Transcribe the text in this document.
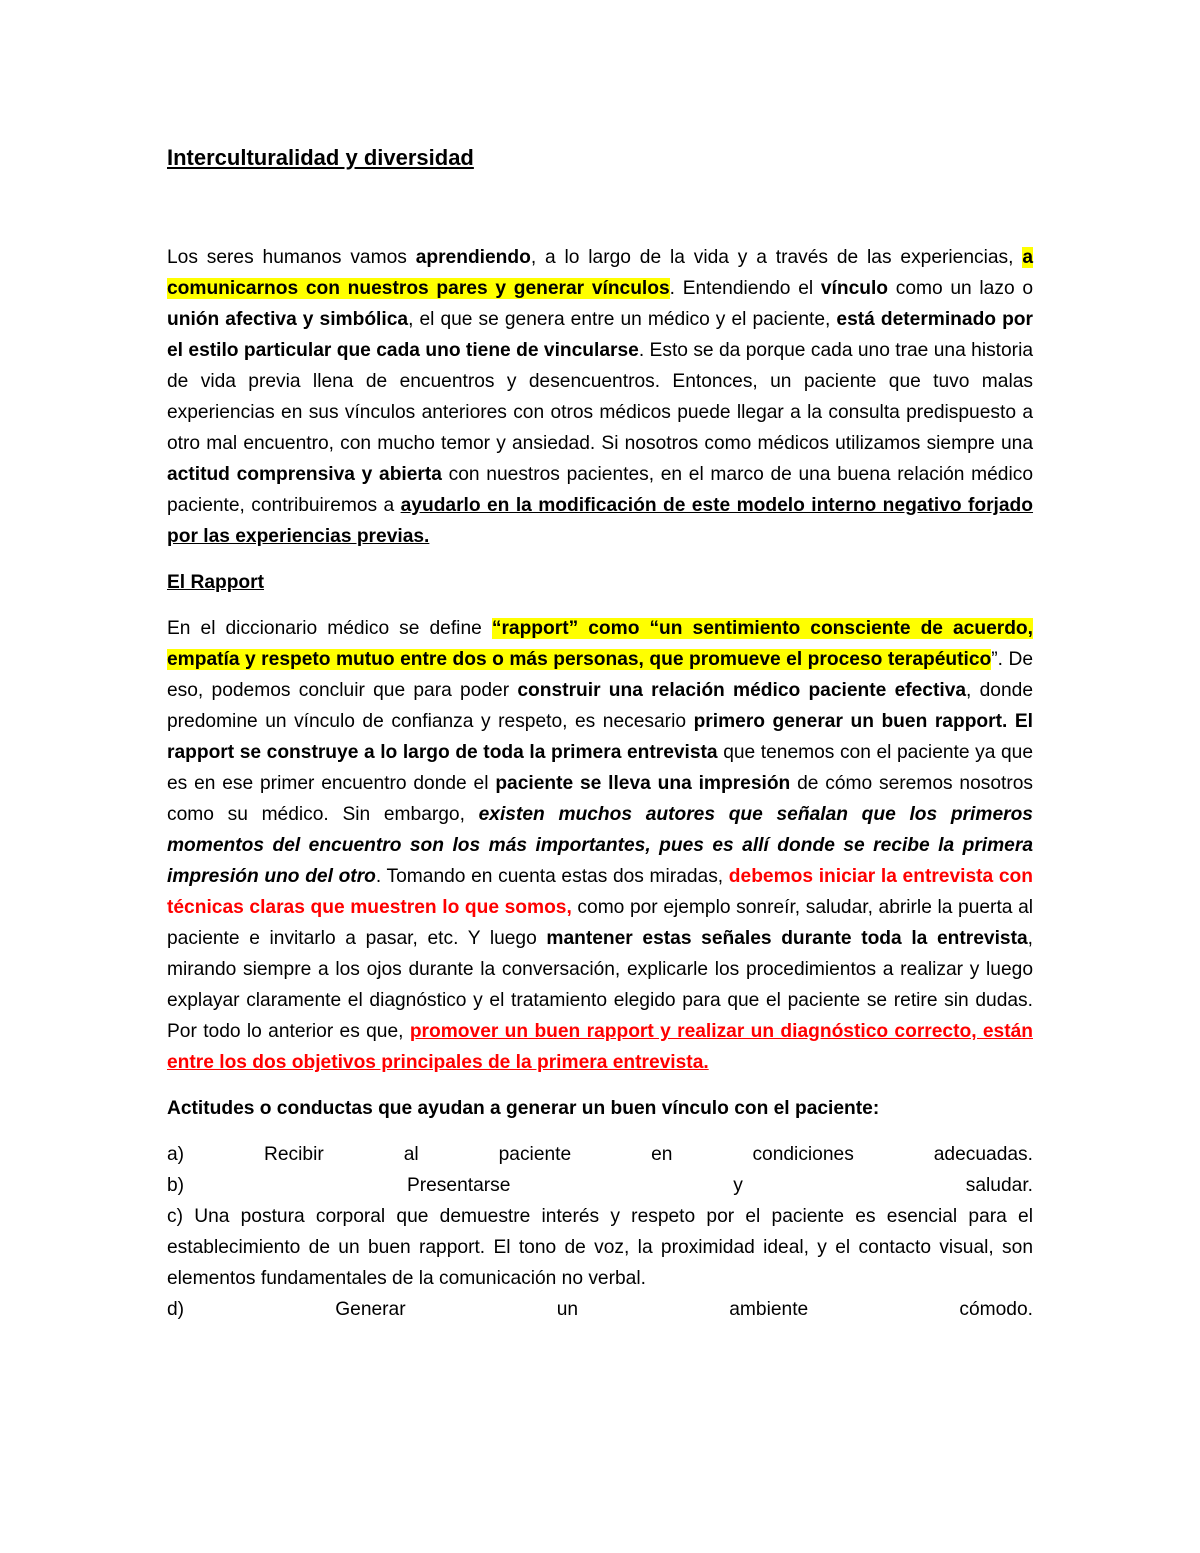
Interculturalidad y diversidad

Los seres humanos vamos aprendiendo, a lo largo de la vida y a través de las experiencias, a comunicarnos con nuestros pares y generar vínculos. Entendiendo el vínculo como un lazo o unión afectiva y simbólica, el que se genera entre un médico y el paciente, está determinado por el estilo particular que cada uno tiene de vincularse. Esto se da porque cada uno trae una historia de vida previa llena de encuentros y desencuentros. Entonces, un paciente que tuvo malas experiencias en sus vínculos anteriores con otros médicos puede llegar a la consulta predispuesto a otro mal encuentro, con mucho temor y ansiedad. Si nosotros como médicos utilizamos siempre una actitud comprensiva y abierta con nuestros pacientes, en el marco de una buena relación médico paciente, contribuiremos a ayudarlo en la modificación de este modelo interno negativo forjado por las experiencias previas.

El Rapport

En el diccionario médico se define “rapport” como “un sentimiento consciente de acuerdo, empatía y respeto mutuo entre dos o más personas, que promueve el proceso terapéutico”. De eso, podemos concluir que para poder construir una relación médico paciente efectiva, donde predomine un vínculo de confianza y respeto, es necesario primero generar un buen rapport. El rapport se construye a lo largo de toda la primera entrevista que tenemos con el paciente ya que es en ese primer encuentro donde el paciente se lleva una impresión de cómo seremos nosotros como su médico. Sin embargo, existen muchos autores que señalan que los primeros momentos del encuentro son los más importantes, pues es allí donde se recibe la primera impresión uno del otro. Tomando en cuenta estas dos miradas, debemos iniciar la entrevista con técnicas claras que muestren lo que somos, como por ejemplo sonreír, saludar, abrirle la puerta al paciente e invitarlo a pasar, etc. Y luego mantener estas señales durante toda la entrevista, mirando siempre a los ojos durante la conversación, explicarle los procedimientos a realizar y luego explayar claramente el diagnóstico y el tratamiento elegido para que el paciente se retire sin dudas. Por todo lo anterior es que, promover un buen rapport y realizar un diagnóstico correcto, están entre los dos objetivos principales de la primera entrevista.

Actitudes o conductas que ayudan a generar un buen vínculo con el paciente:

a)	Recibir	al	paciente	en	condiciones	adecuadas.
b)	Presentarse	y	saludar.

c) Una postura corporal que demuestre interés y respeto por el paciente es esencial para el establecimiento de un buen rapport. El tono de voz, la proximidad ideal, y el contacto visual, son elementos fundamentales de la comunicación no verbal.

d)	Generar	un	ambiente	cómodo.
